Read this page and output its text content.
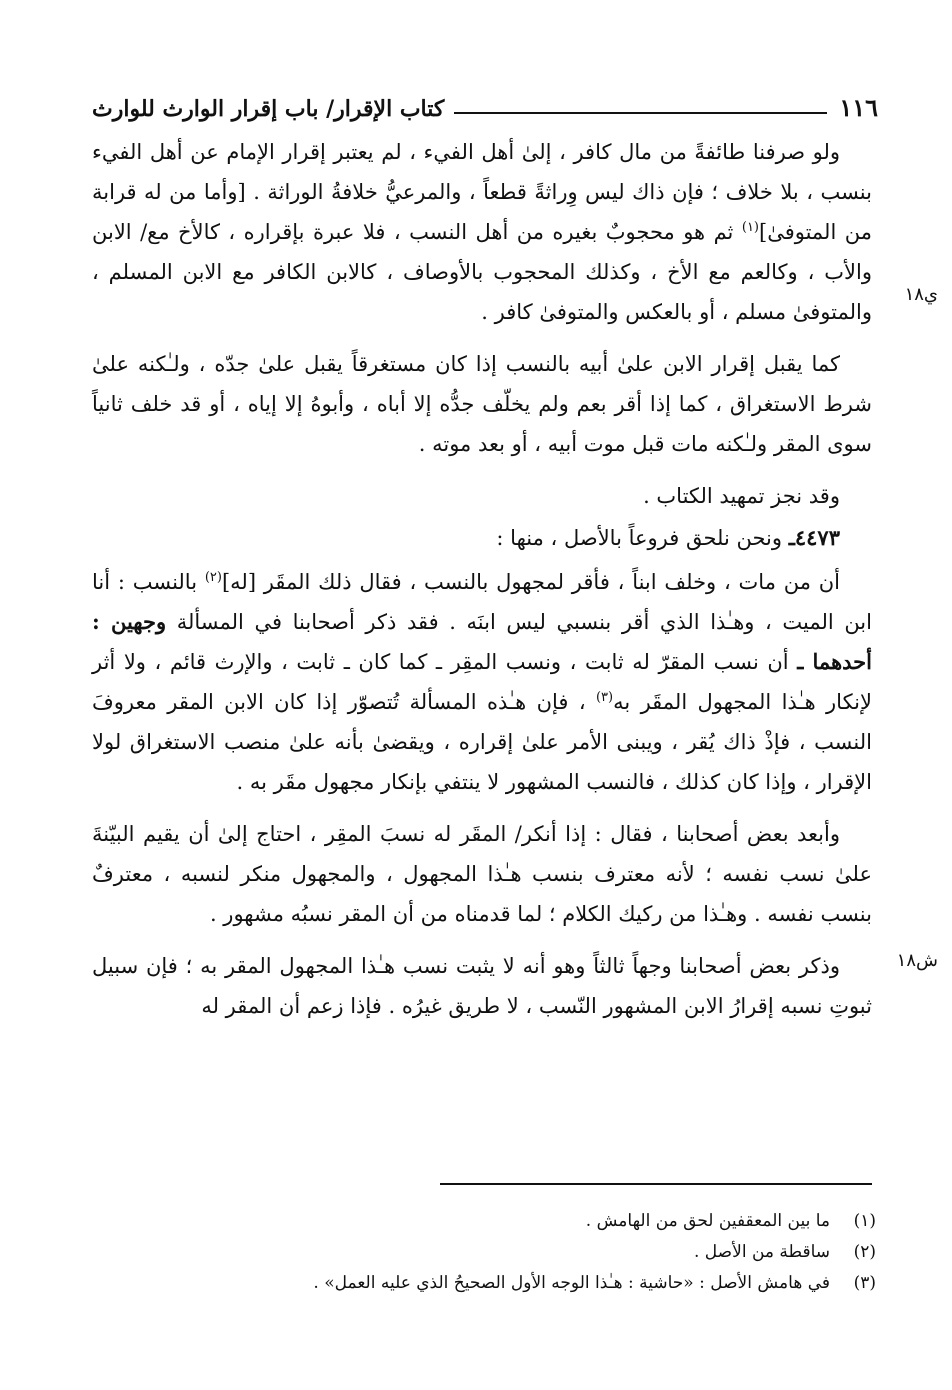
١١٦
كتاب الإقرار/ باب إقرار الوارث للوارث
ي١٨
ش١٨

ولو صرفنا طائفةً من مال كافر ، إلىٰ أهل الفيء ، لم يعتبر إقرار الإمام عن أهل الفيء بنسب ، بلا خلاف ؛ فإن ذاك ليس وِراثةً قطعاً ، والمرعيُّ خلافةُ الوراثة . [وأما من له قرابة من المتوفىٰ]$^{(١)}$ ثم هو محجوبٌ بغيره من أهل النسب ، فلا عبرة بإقراره ، كالأخ مع/ الابن والأب ، وكالعم مع الأخ ، وكذلك المحجوب بالأوصاف ، كالابن الكافر مع الابن المسلم ، والمتوفىٰ مسلم ، أو بالعكس والمتوفىٰ كافر .

كما يقبل إقرار الابن علىٰ أبيه بالنسب إذا كان مستغرقاً يقبل علىٰ جدّه ، ولـٰكنه علىٰ شرط الاستغراق ، كما إذا أقر بعم ولم يخلّف جدُّه إلا أباه ، وأبوهُ إلا إياه ، أو قد خلف ثانياً سوى المقر ولـٰكنه مات قبل موت أبيه ، أو بعد موته .

وقد نجز تمهيد الكتاب .

٤٤٧٣ـ ونحن نلحق فروعاً بالأصل ، منها :

أن من مات ، وخلف ابناً ، فأقر لمجهول بالنسب ، فقال ذلك المقَر [له]$^{(٢)}$ بالنسب : أنا ابن الميت ، وهـٰذا الذي أقر بنسبي ليس ابنَه . فقد ذكر أصحابنا في المسألة وجهين : أحدهما ـ أن نسب المقرّ له ثابت ، ونسب المقِر ـ كما كان ـ ثابت ، والإرث قائم ، ولا أثر لإنكار هـٰذا المجهول المقَر به$^{(٣)}$ ، فإن هـٰذه المسألة تُتصوّر إذا كان الابن المقر معروفَ النسب ، فإذْ ذاك يُقر ، ويبنى الأمر علىٰ إقراره ، ويقضىٰ بأنه علىٰ منصب الاستغراق لولا الإقرار ، وإذا كان كذلك ، فالنسب المشهور لا ينتفي بإنكار مجهول مقَر به .

وأبعد بعض أصحابنا ، فقال : إذا أنكر/ المقَر له نسبَ المقِر ، احتاج إلىٰ أن يقيم البيّنةَ علىٰ نسب نفسه ؛ لأنه معترف بنسب هـٰذا المجهول ، والمجهول منكر لنسبه ، معترفٌ بنسب نفسه . وهـٰذا من ركيك الكلام ؛ لما قدمناه من أن المقر نسبُه مشهور .

وذكر بعض أصحابنا وجهاً ثالثاً وهو أنه لا يثبت نسب هـٰذا المجهول المقر به ؛ فإن سبيل ثبوتِ نسبه إقرارُ الابن المشهور النّسب ، لا طريق غيرُه . فإذا زعم أن المقر له

(١)
ما بين المعقفين لحق من الهامش .
(٢)
ساقطة من الأصل .
(٣)
في هامش الأصل : «حاشية : هـٰذا الوجه الأول الصحيحُ الذي عليه العمل» .
